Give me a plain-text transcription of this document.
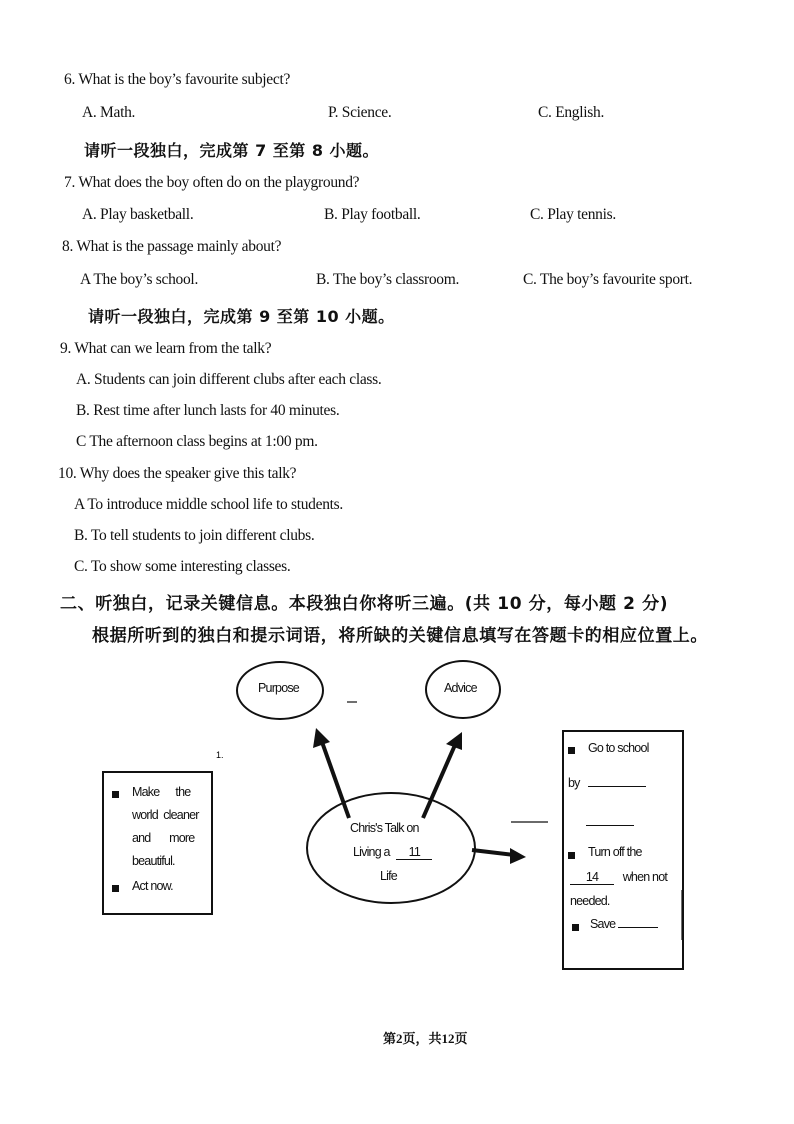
6. What is the boy’s favourite subject?
A. Math.	P. Science.	C. English.
请听一段独白，完成第 7 至第 8 小题。
7. What does the boy often do on the playground?
A. Play basketball.	B. Play football.	C. Play tennis.
8. What is the passage mainly about?
A The boy’s school.	B. The boy’s classroom.	C. The boy’s favourite sport.
请听一段独白，完成第 9 至第 10 小题。
9. What can we learn from the talk?
A. Students can join different clubs after each class.
B. Rest time after lunch lasts for 40 minutes.
C The afternoon class begins at 1:00 pm.
10. Why does the speaker give this talk?
A To introduce middle school life to students.
B. To tell students to join different clubs.
C. To show some interesting classes.
二、听独白，记录关键信息。本段独白你将听三遍。(共 10 分，每小题 2 分)
根据所听到的独白和提示词语，将所缺的关键信息填写在答题卡的相应位置上。
1.
Purpose	Advice
Chris's Talk on
Living a 11
Life
Make      the
world  cleaner
and       more
beautiful.
Act now.
Go to school
by
Turn off the
14 when not
needed.
Save
第2页，共12页
